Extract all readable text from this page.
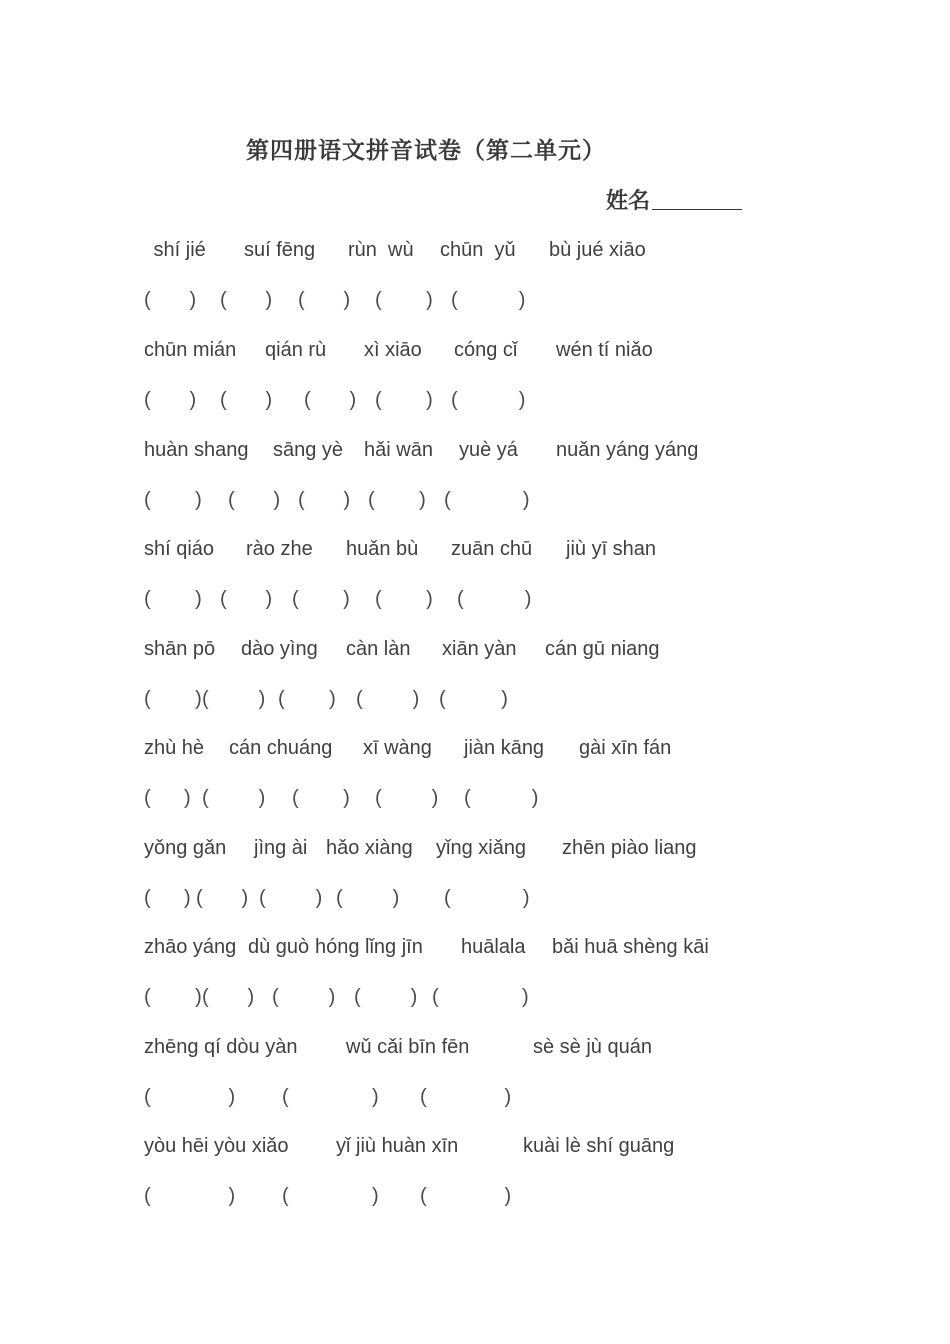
第四册语文拼音试卷（第二单元）
姓名
shí jié suí fēng rùn  wù chūn  yǔ bù jué xiāo
(       ) (       ) (       ) (        ) (           )
chūn mián qián rù xì xiāo cóng cǐ wén tí niǎo
(       ) (       ) (       ) (        ) (           )
huàn shang sāng yè hǎi wān yuè yá nuǎn yáng yáng
(        ) (       ) (       ) (        ) (             )
shí qiáo rào zhe huǎn bù zuān chū jiù yī shan
(        ) (       ) (        ) (        ) (           )
shān pō dào yìng càn làn xiān yàn cán gū niang
(        ) (         ) (        ) (         ) (          )
zhù hè cán chuáng xī wàng jiàn kāng gài xīn fán
(      ) (         ) (        ) (         ) (           )
yǒng gǎn jìng ài hǎo xiàng yǐng xiǎng zhēn piào liang
(      ) (       ) (         ) (         ) (             )
zhāo yáng dù guò hóng lǐng jīn huālala bǎi huā shèng kāi
(        ) (       ) (         ) (         ) (               )
zhēng qí dòu yàn wǔ cǎi bīn fēn	sè sè jù quán
(              ) (               ) (              )
yòu hēi yòu xiǎo yǐ jiù huàn xīn	kuài lè shí guāng
(              ) (               ) (              )
